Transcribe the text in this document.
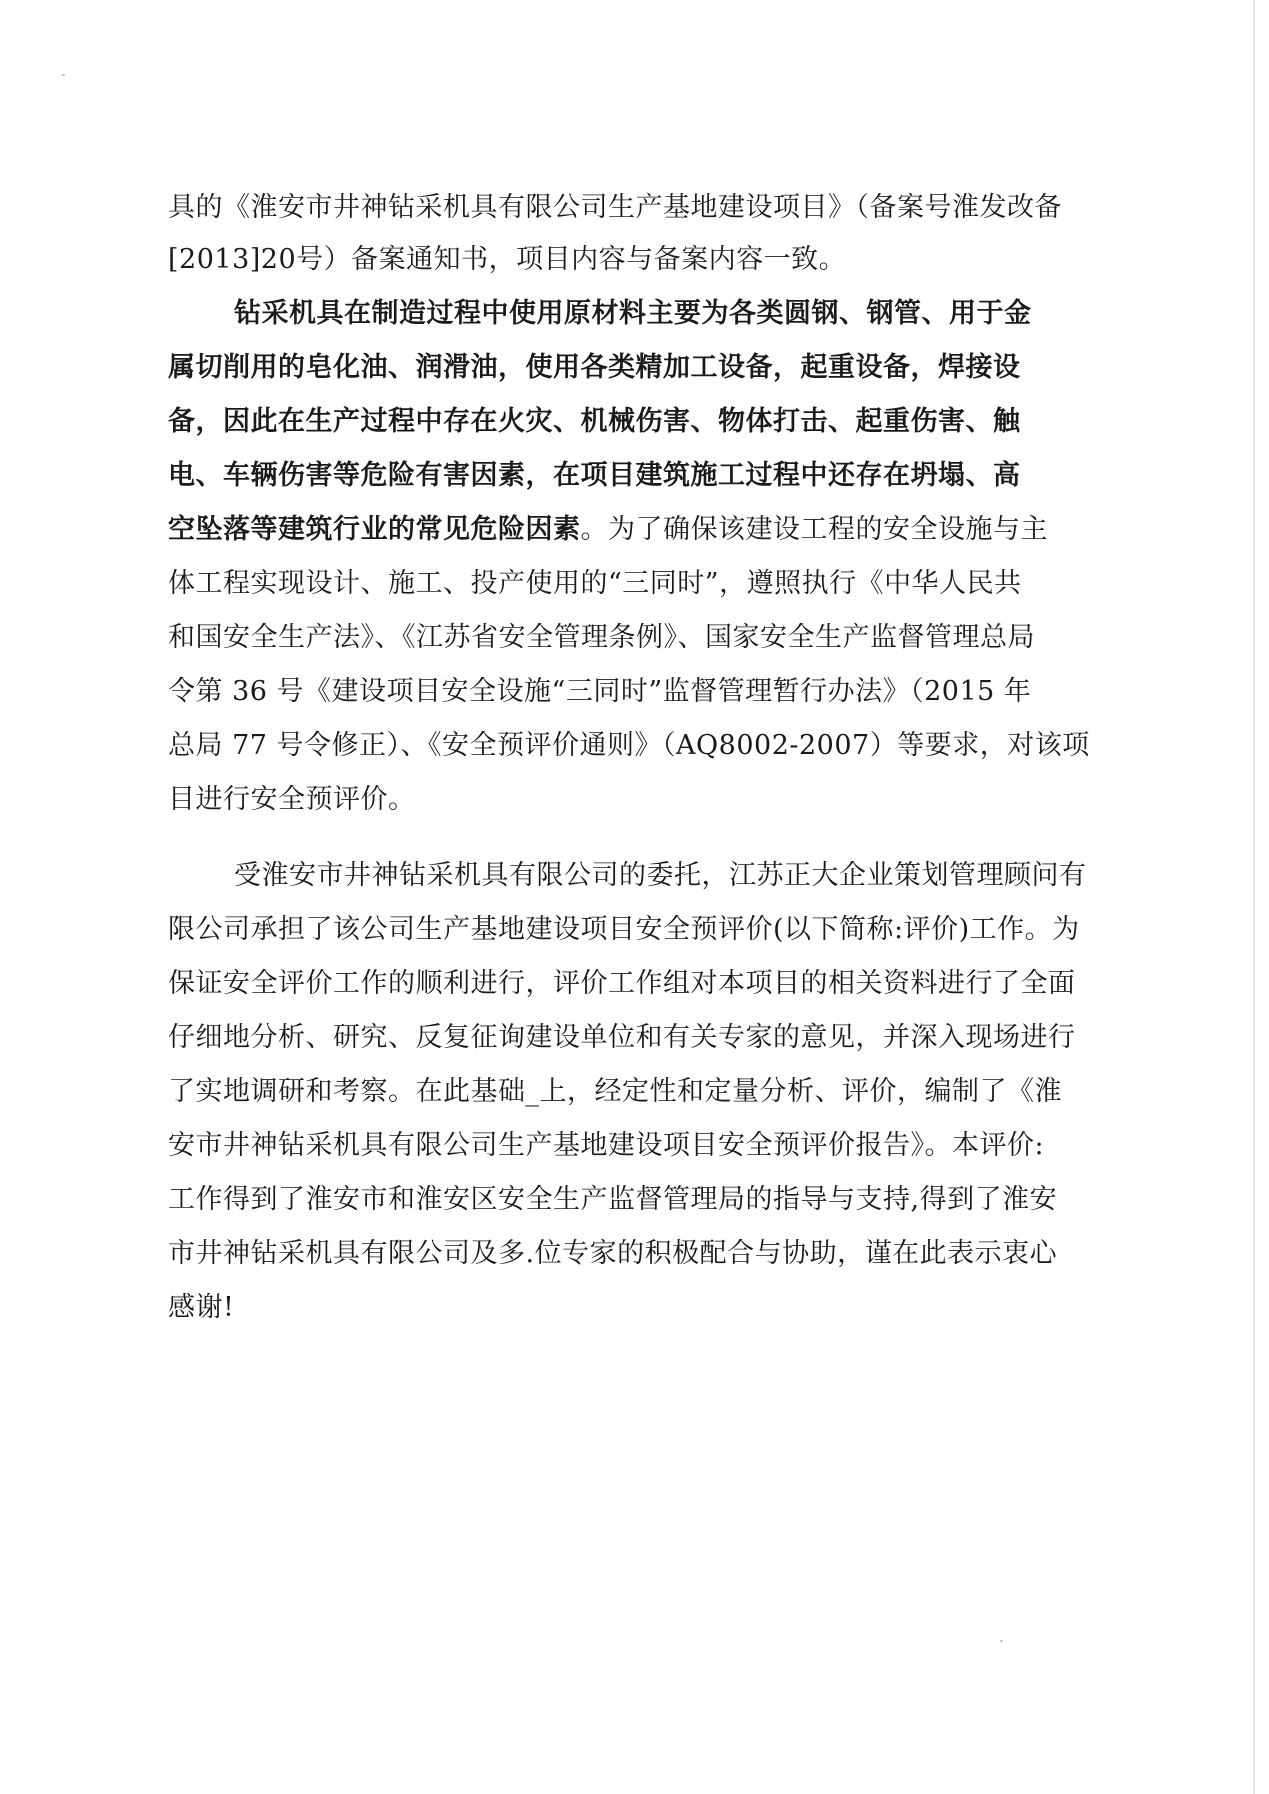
具的《淮安市井神钻采机具有限公司生产基地建设项目》（备案号淮发改备
[2013]20号）备案通知书，项目内容与备案内容一致。
钻采机具在制造过程中使用原材料主要为各类圆钢、钢管、用于金
属切削用的皂化油、润滑油，使用各类精加工设备，起重设备，焊接设
备，因此在生产过程中存在火灾、机械伤害、物体打击、起重伤害、触
电、车辆伤害等危险有害因素，在项目建筑施工过程中还存在坍塌、高
空坠落等建筑行业的常见危险因素。为了确保该建设工程的安全设施与主
体工程实现设计、施工、投产使用的“三同时”，遵照执行《中华人民共
和国安全生产法》、《江苏省安全管理条例》、国家安全生产监督管理总局
令第 36 号《建设项目安全设施“三同时”监督管理暂行办法》（2015 年
总局 77 号令修正）、《安全预评价通则》（AQ8002-2007）等要求，对该项
目进行安全预评价。
受淮安市井神钻采机具有限公司的委托，江苏正大企业策划管理顾问有
限公司承担了该公司生产基地建设项目安全预评价(以下简称:评价)工作。为
保证安全评价工作的顺利进行，评价工作组对本项目的相关资料进行了全面
仔细地分析、研究、反复征询建设单位和有关专家的意见，并深入现场进行
了实地调研和考察。在此基础_上，经定性和定量分析、评价，编制了《淮
安市井神钻采机具有限公司生产基地建设项目安全预评价报告》。本评价:
工作得到了淮安市和淮安区安全生产监督管理局的指导与支持,得到了淮安
市井神钻采机具有限公司及多.位专家的积极配合与协助，谨在此表示衷心
感谢!
